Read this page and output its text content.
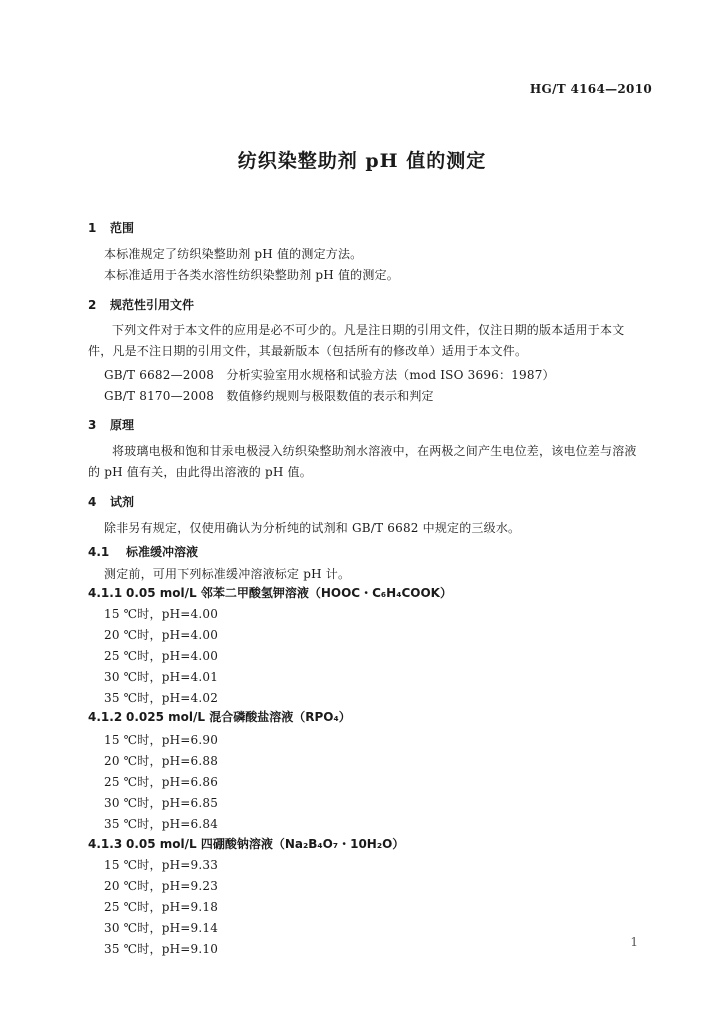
HG/T 4164—2010
纺织染整助剂 pH 值的测定
1 范围
本标准规定了纺织染整助剂 pH 值的测定方法。
本标准适用于各类水溶性纺织染整助剂 pH 值的测定。
2 规范性引用文件
下列文件对于本文件的应用是必不可少的。凡是注日期的引用文件，仅注日期的版本适用于本文件，凡是不注日期的引用文件，其最新版本（包括所有的修改单）适用于本文件。
GB/T 6682—2008　分析实验室用水规格和试验方法（mod ISO 3696：1987）
GB/T 8170—2008　数值修约规则与极限数值的表示和判定
3 原理
将玻璃电极和饱和甘汞电极浸入纺织染整助剂水溶液中，在两极之间产生电位差，该电位差与溶液的 pH 值有关，由此得出溶液的 pH 值。
4 试剂
除非另有规定，仅使用确认为分析纯的试剂和 GB/T 6682 中规定的三级水。
4.1 标准缓冲溶液
测定前，可用下列标准缓冲溶液标定 pH 计。
4.1.1 0.05 mol/L 邻苯二甲酸氢钾溶液（HOOC・C₆H₄COOK）
15 ℃时，pH=4.00
20 ℃时，pH=4.00
25 ℃时，pH=4.00
30 ℃时，pH=4.01
35 ℃时，pH=4.02
4.1.2 0.025 mol/L 混合磷酸盐溶液（RPO₄）
15 ℃时，pH=6.90
20 ℃时，pH=6.88
25 ℃时，pH=6.86
30 ℃时，pH=6.85
35 ℃时，pH=6.84
4.1.3 0.05 mol/L 四硼酸钠溶液（Na₂B₄O₇・10H₂O）
15 ℃时，pH=9.33
20 ℃时，pH=9.23
25 ℃时，pH=9.18
30 ℃时，pH=9.14
35 ℃时，pH=9.10	1
